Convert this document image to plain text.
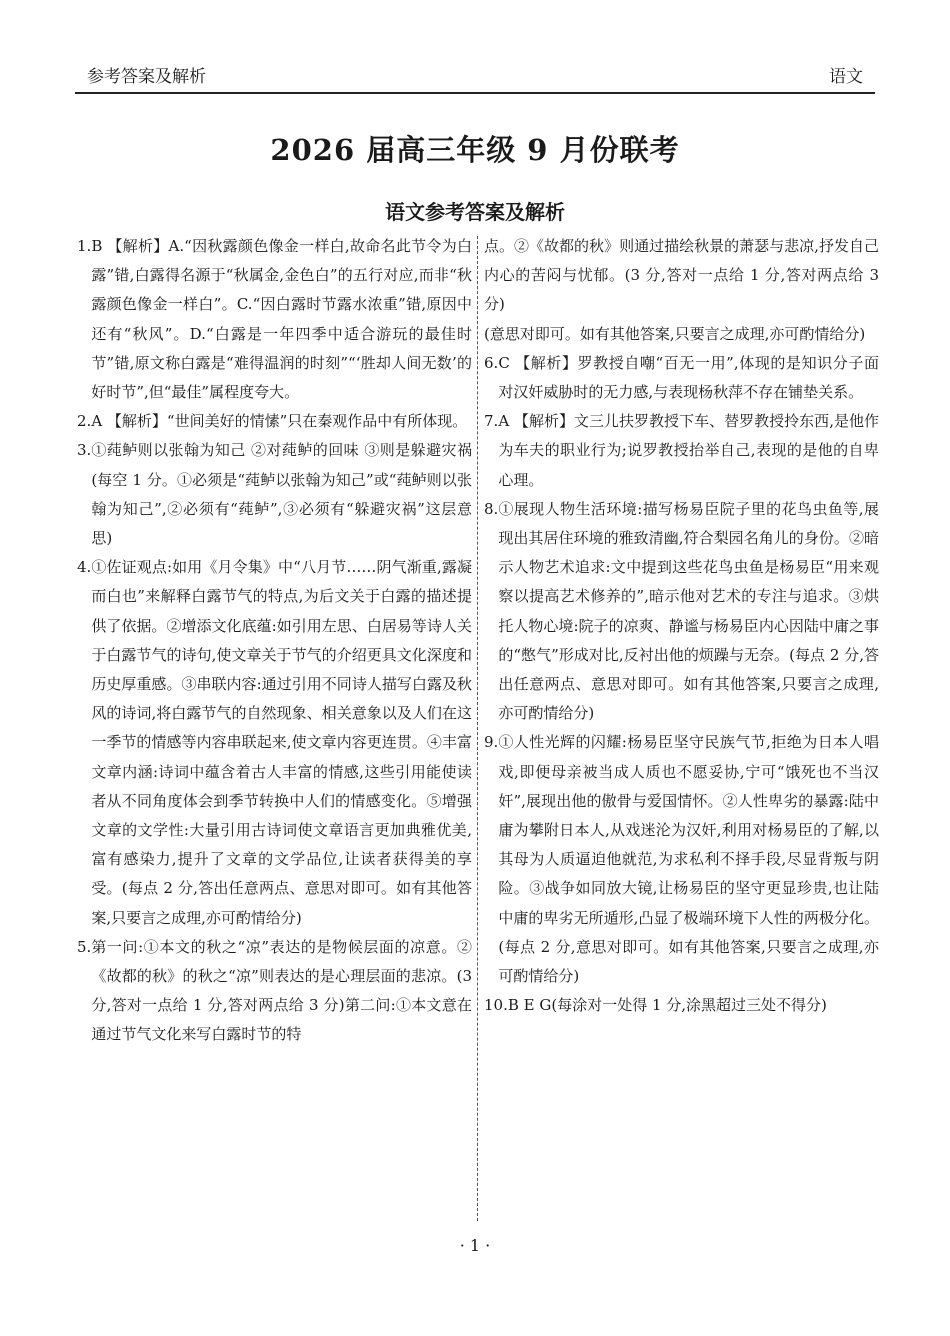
参考答案及解析	语文
2026 届高三年级 9 月份联考
语文参考答案及解析
1. B 【解析】A.“因秋露颜色像金一样白,故命名此节令为白露”错,白露得名源于“秋属金,金色白”的五行对应,而非“秋露颜色像金一样白”。C.“因白露时节露水浓重”错,原因中还有“秋风”。D.“白露是一年四季中适合游玩的最佳时节”错,原文称白露是“难得温润的时刻”“‘胜却人间无数’的好时节”,但“最佳”属程度夸大。
2. A 【解析】“世间美好的情愫”只在秦观作品中有所体现。
3. ①莼鲈则以张翰为知己 ②对莼鲈的回味 ③则是躲避灾祸(每空 1 分。①必须是“莼鲈以张翰为知己”或“莼鲈则以张翰为知己”,②必须有“莼鲈”,③必须有“躲避灾祸”这层意思)
4. ①佐证观点:如用《月令集》中“八月节……阴气渐重,露凝而白也”来解释白露节气的特点,为后文关于白露的描述提供了依据。②增添文化底蕴:如引用左思、白居易等诗人关于白露节气的诗句,使文章关于节气的介绍更具文化深度和历史厚重感。③串联内容:通过引用不同诗人描写白露及秋风的诗词,将白露节气的自然现象、相关意象以及人们在这一季节的情感等内容串联起来,使文章内容更连贯。④丰富文章内涵:诗词中蕴含着古人丰富的情感,这些引用能使读者从不同角度体会到季节转换中人们的情感变化。⑤增强文章的文学性:大量引用古诗词使文章语言更加典雅优美,富有感染力,提升了文章的文学品位,让读者获得美的享受。(每点 2 分,答出任意两点、意思对即可。如有其他答案,只要言之成理,亦可酌情给分)
5. 第一问:①本文的秋之“凉”表达的是物候层面的凉意。②《故都的秋》的秋之“凉”则表达的是心理层面的悲凉。(3 分,答对一点给 1 分,答对两点给 3 分)第二问:①本文意在通过节气文化来写白露时节的特
点。②《故都的秋》则通过描绘秋景的萧瑟与悲凉,抒发自己内心的苦闷与忧郁。(3 分,答对一点给 1 分,答对两点给 3 分)
(意思对即可。如有其他答案,只要言之成理,亦可酌情给分)
6. C 【解析】罗教授自嘲“百无一用”,体现的是知识分子面对汉奸威胁时的无力感,与表现杨秋萍不存在铺垫关系。
7. A 【解析】文三儿扶罗教授下车、替罗教授拎东西,是他作为车夫的职业行为;说罗教授抬举自己,表现的是他的自卑心理。
8. ①展现人物生活环境:描写杨易臣院子里的花鸟虫鱼等,展现出其居住环境的雅致清幽,符合梨园名角儿的身份。②暗示人物艺术追求:文中提到这些花鸟虫鱼是杨易臣“用来观察以提高艺术修养的”,暗示他对艺术的专注与追求。③烘托人物心境:院子的凉爽、静谧与杨易臣内心因陆中庸之事的“憋气”形成对比,反衬出他的烦躁与无奈。(每点 2 分,答出任意两点、意思对即可。如有其他答案,只要言之成理,亦可酌情给分)
9. ①人性光辉的闪耀:杨易臣坚守民族气节,拒绝为日本人唱戏,即便母亲被当成人质也不愿妥协,宁可“饿死也不当汉奸”,展现出他的傲骨与爱国情怀。②人性卑劣的暴露:陆中庸为攀附日本人,从戏迷沦为汉奸,利用对杨易臣的了解,以其母为人质逼迫他就范,为求私利不择手段,尽显背叛与阴险。③战争如同放大镜,让杨易臣的坚守更显珍贵,也让陆中庸的卑劣无所遁形,凸显了极端环境下人性的两极分化。(每点 2 分,意思对即可。如有其他答案,只要言之成理,亦可酌情给分)
10. B E G(每涂对一处得 1 分,涂黑超过三处不得分)
· 1 ·
